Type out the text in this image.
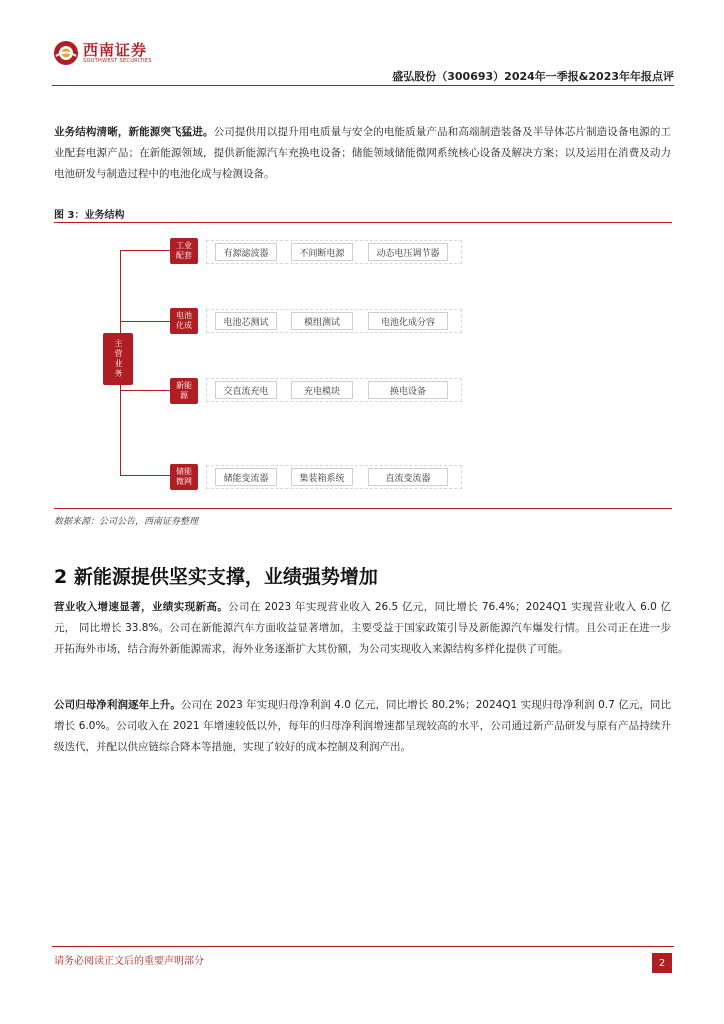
西南证券
SOUTHWEST SECURITIES
盛弘股份（300693）2024年一季报&2023年年报点评

业务结构清晰，新能源突飞猛进。公司提供用以提升用电质量与安全的电能质量产品和高端制造装备及半导体芯片制造设备电源的工业配套电源产品；在新能源领域，提供新能源汽车充换电设备；储能领域储能微网系统核心设备及解决方案；以及运用在消费及动力电池研发与制造过程中的电池化成与检测设备。

图 3：业务结构
主营业务
工业配套	有源滤波器	不间断电源	动态电压调节器
电池化成	电池芯测试	模组测试	电池化成分容
新能源	交直流充电	充电模块	换电设备
储能微网	储能变流器	集装箱系统	直流变流器
数据来源：公司公告，西南证券整理
2 新能源提供坚实支撑，业绩强势增加

营业收入增速显著，业绩实现新高。公司在 2023 年实现营业收入 26.5 亿元，同比增长 76.4%；2024Q1 实现营业收入 6.0 亿元， 同比增长 33.8%。公司在新能源汽车方面收益显著增加，主要受益于国家政策引导及新能源汽车爆发行情。且公司正在进一步开拓海外市场，结合海外新能源需求，海外业务逐渐扩大其份额，为公司实现收入来源结构多样化提供了可能。

公司归母净利润逐年上升。公司在 2023 年实现归母净利润 4.0 亿元，同比增长 80.2%；2024Q1 实现归母净利润 0.7 亿元，同比增长 6.0%。公司收入在 2021 年增速较低以外，每年的归母净利润增速都呈现较高的水平，公司通过新产品研发与原有产品持续升级迭代，并配以供应链综合降本等措施，实现了较好的成本控制及利润产出。

请务必阅读正文后的重要声明部分	2
